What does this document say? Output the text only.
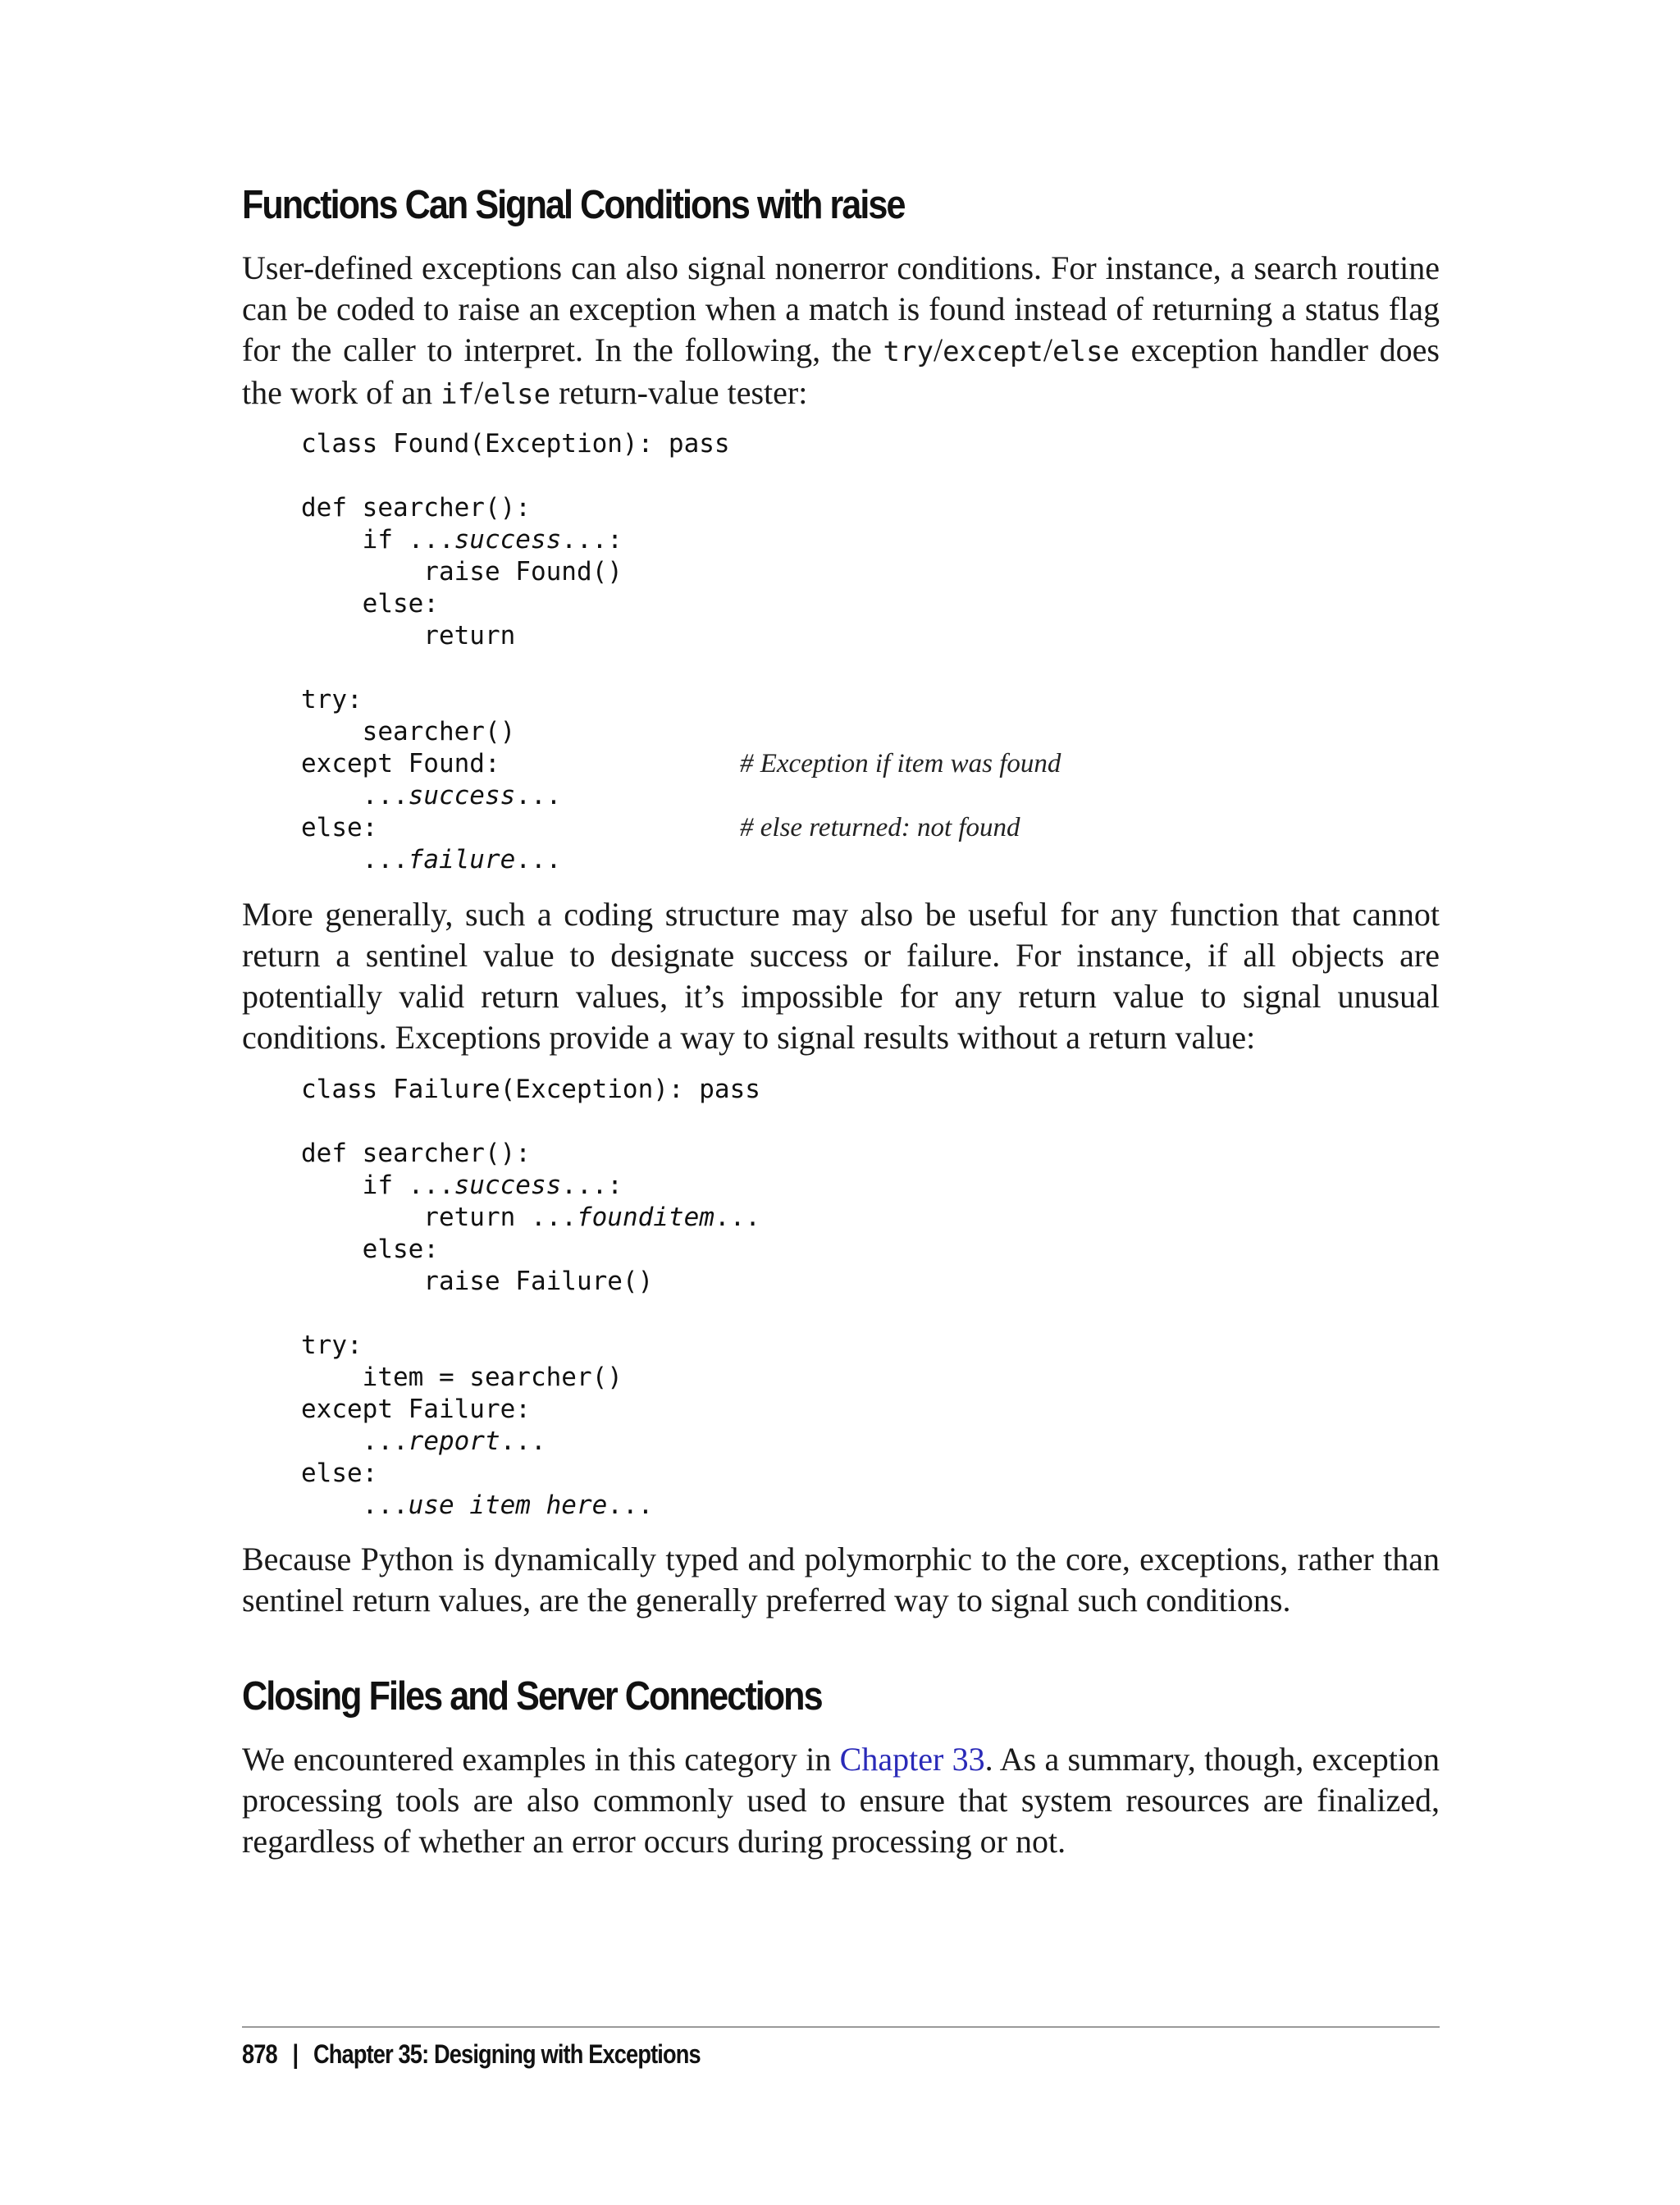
Functions Can Signal Conditions with raise

User-defined exceptions can also signal nonerror conditions. For instance, a search routine can be coded to raise an exception when a match is found instead of returning a status flag for the caller to interpret. In the following, the try/except/else exception handler does the work of an if/else return-value tester:

class Found(Exception): pass

def searcher():
if ...success...:
raise Found()
else:
return

try:
searcher()
except Found:	# Exception if item was found

...success...
else:	# else returned: not found

...failure...

More generally, such a coding structure may also be useful for any function that cannot return a sentinel value to designate success or failure. For instance, if all objects are potentially valid return values, it’s impossible for any return value to signal unusual conditions. Exceptions provide a way to signal results without a return value:

class Failure(Exception): pass

def searcher():
if ...success...:
return ...founditem...
else:
raise Failure()

try:
item = searcher()
except Failure:
...report...
else:
...use item here...

Because Python is dynamically typed and polymorphic to the core, exceptions, rather than sentinel return values, are the generally preferred way to signal such conditions.

Closing Files and Server Connections

We encountered examples in this category in Chapter 33. As a summary, though, exception processing tools are also commonly used to ensure that system resources are finalized, regardless of whether an error occurs during processing or not.

878 | Chapter 35: Designing with Exceptions
